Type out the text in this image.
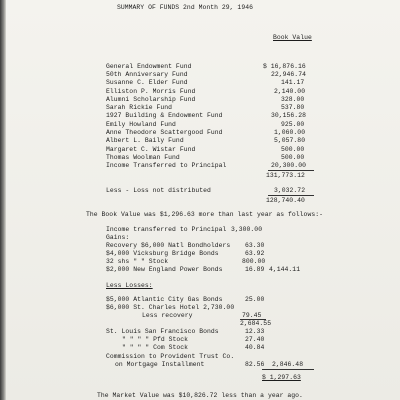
SUMMARY OF FUNDS 2nd Month 29, 1946
Book Value
General Endowment Fund	$ 16,876.16
50th Anniversary Fund	22,946.74
Susanne C. Elder Fund	141.17
Elliston P. Morris Fund	2,140.00
Alumni Scholarship Fund	328.00
Sarah Rickie Fund	537.80
1927 Building & Endowment Fund	30,156.28
Emily Howland Fund	925.00
Anne Theodore Scattergood Fund	1,060.00
Albert L. Baily Fund	5,057.80
Margaret C. Wistar Fund	500.00
Thomas Woolman Fund	500.00
Income Transferred to Principal	20,300.00
131,773.12
Less - Loss not distributed	3,032.72
128,740.40
The Book Value was $1,296.63 more than last year as follows:-
Income transferred to Principal 3,300.00
Gains:
Recovery $6,000 Natl Bondholders 63.30
$4,000 Vicksburg Bridge Bonds	63.92
32 shs " " Stock	800.00
$2,000 New England Power Bonds	16.89 4,144.11
Less Losses:
$5,000 Atlantic City Gas Bonds	25.00
$6,000 St. Charles Hotel 2,730.00
Less recovery	79.45
2,684.55
St. Louis San Francisco Bonds	12.33
" " " " Pfd Stock	27.40
" " " " Com Stock	40.84
Commission to Provident Trust Co.
on Mortgage Installment	82.56 2,846.48
$ 1,297.63
The Market Value was $10,826.72 less than a year ago.
